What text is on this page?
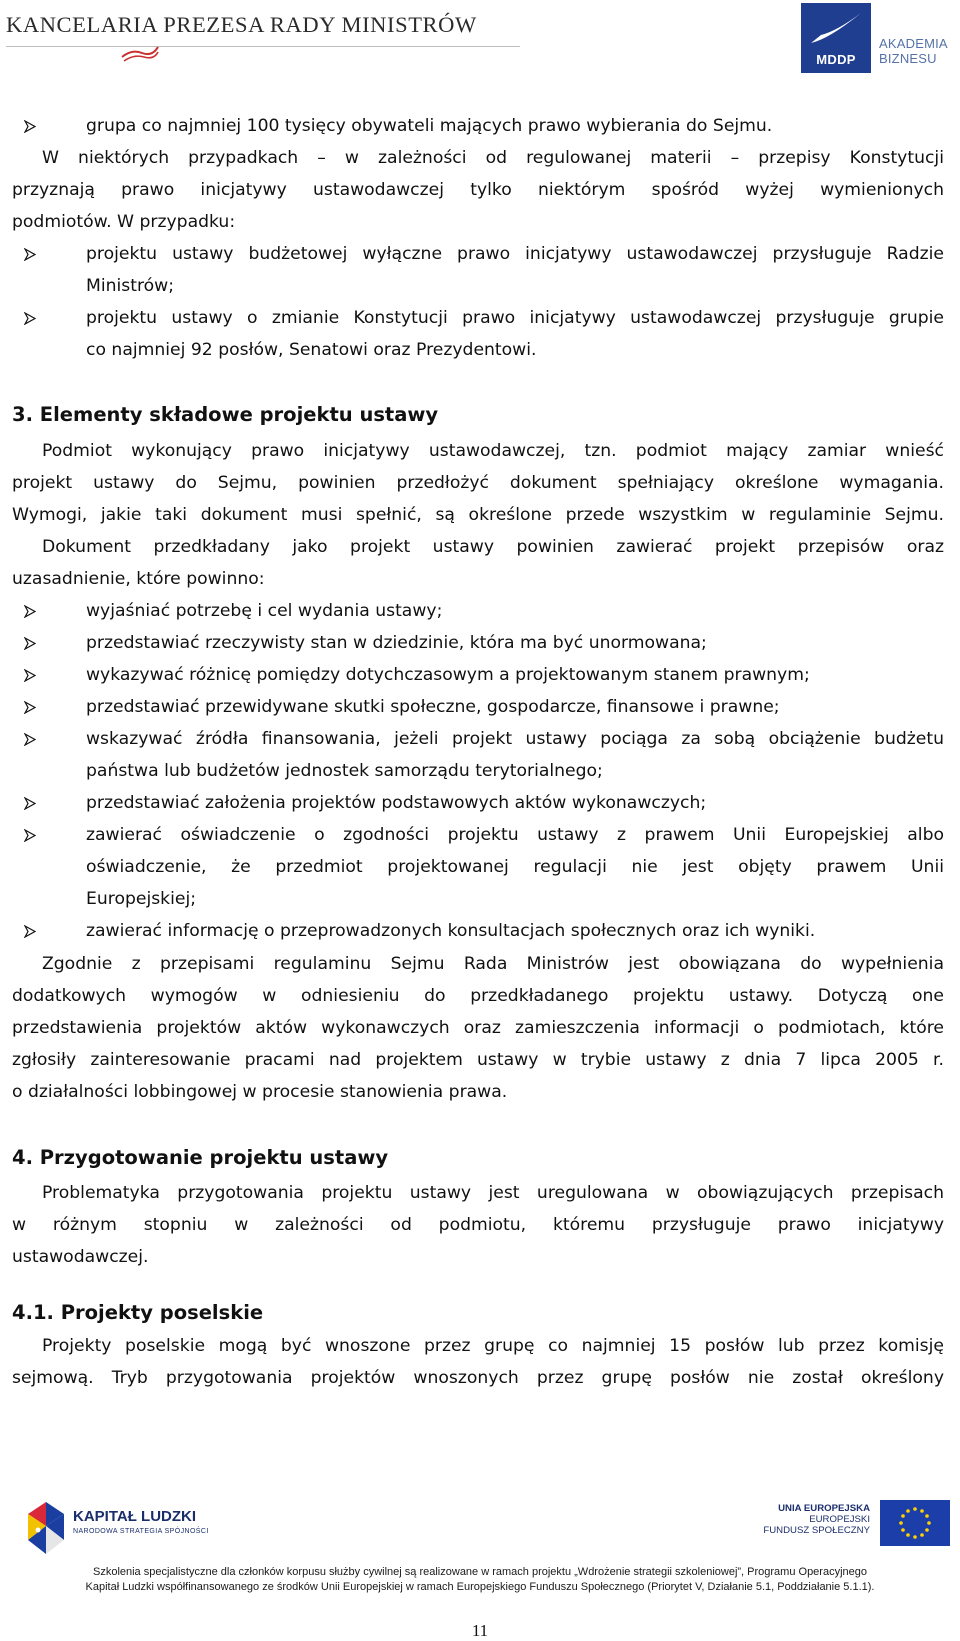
KANCELARIA PREZESA RADY MINISTRÓW
MDDP
AKADEMIA
BIZNESU
grupa co najmniej 100 tysięcy obywateli mających prawo wybierania do Sejmu.
W niektórych przypadkach – w zależności od regulowanej materii – przepisy Konstytucji
przyznają prawo inicjatywy ustawodawczej tylko niektórym spośród wyżej wymienionych
podmiotów. W przypadku:
projektu ustawy budżetowej wyłączne prawo inicjatywy ustawodawczej przysługuje Radzie
Ministrów;
projektu ustawy o zmianie Konstytucji prawo inicjatywy ustawodawczej przysługuje grupie
co najmniej 92 posłów, Senatowi oraz Prezydentowi.
3. Elementy składowe projektu ustawy
Podmiot wykonujący prawo inicjatywy ustawodawczej, tzn. podmiot mający zamiar wnieść
projekt ustawy do Sejmu, powinien przedłożyć dokument spełniający określone wymagania.
Wymogi, jakie taki dokument musi spełnić, są określone przede wszystkim w regulaminie Sejmu.
Dokument przedkładany jako projekt ustawy powinien zawierać projekt przepisów oraz
uzasadnienie, które powinno:
wyjaśniać potrzebę i cel wydania ustawy;
przedstawiać rzeczywisty stan w dziedzinie, która ma być unormowana;
wykazywać różnicę pomiędzy dotychczasowym a projektowanym stanem prawnym;
przedstawiać przewidywane skutki społeczne, gospodarcze, finansowe i prawne;
wskazywać źródła finansowania, jeżeli projekt ustawy pociąga za sobą obciążenie budżetu
państwa lub budżetów jednostek samorządu terytorialnego;
przedstawiać założenia projektów podstawowych aktów wykonawczych;
zawierać oświadczenie o zgodności projektu ustawy z prawem Unii Europejskiej albo
oświadczenie, że przedmiot projektowanej regulacji nie jest objęty prawem Unii
Europejskiej;
zawierać informację o przeprowadzonych konsultacjach społecznych oraz ich wyniki.
Zgodnie z przepisami regulaminu Sejmu Rada Ministrów jest obowiązana do wypełnienia
dodatkowych wymogów w odniesieniu do przedkładanego projektu ustawy. Dotyczą one
przedstawienia projektów aktów wykonawczych oraz zamieszczenia informacji o podmiotach, które
zgłosiły zainteresowanie pracami nad projektem ustawy w trybie ustawy z dnia 7 lipca 2005 r.
o działalności lobbingowej w procesie stanowienia prawa.
4. Przygotowanie projektu ustawy
Problematyka przygotowania projektu ustawy jest uregulowana w obowiązujących przepisach
w różnym stopniu w zależności od podmiotu, któremu przysługuje prawo inicjatywy
ustawodawczej.
4.1. Projekty poselskie
Projekty poselskie mogą być wnoszone przez grupę co najmniej 15 posłów lub przez komisję
sejmową. Tryb przygotowania projektów wnoszonych przez grupę posłów nie został określony
KAPITAŁ LUDZKI
NARODOWA STRATEGIA SPÓJNOŚCI
UNIA EUROPEJSKA
EUROPEJSKI
FUNDUSZ SPOŁECZNY
Szkolenia specjalistyczne dla członków korpusu służby cywilnej są realizowane w ramach projektu „Wdrożenie strategii szkoleniowej”, Programu Operacyjnego
Kapitał Ludzki współfinansowanego ze środków Unii Europejskiej w ramach Europejskiego Funduszu Społecznego (Priorytet V, Działanie 5.1, Poddziałanie 5.1.1).
11
